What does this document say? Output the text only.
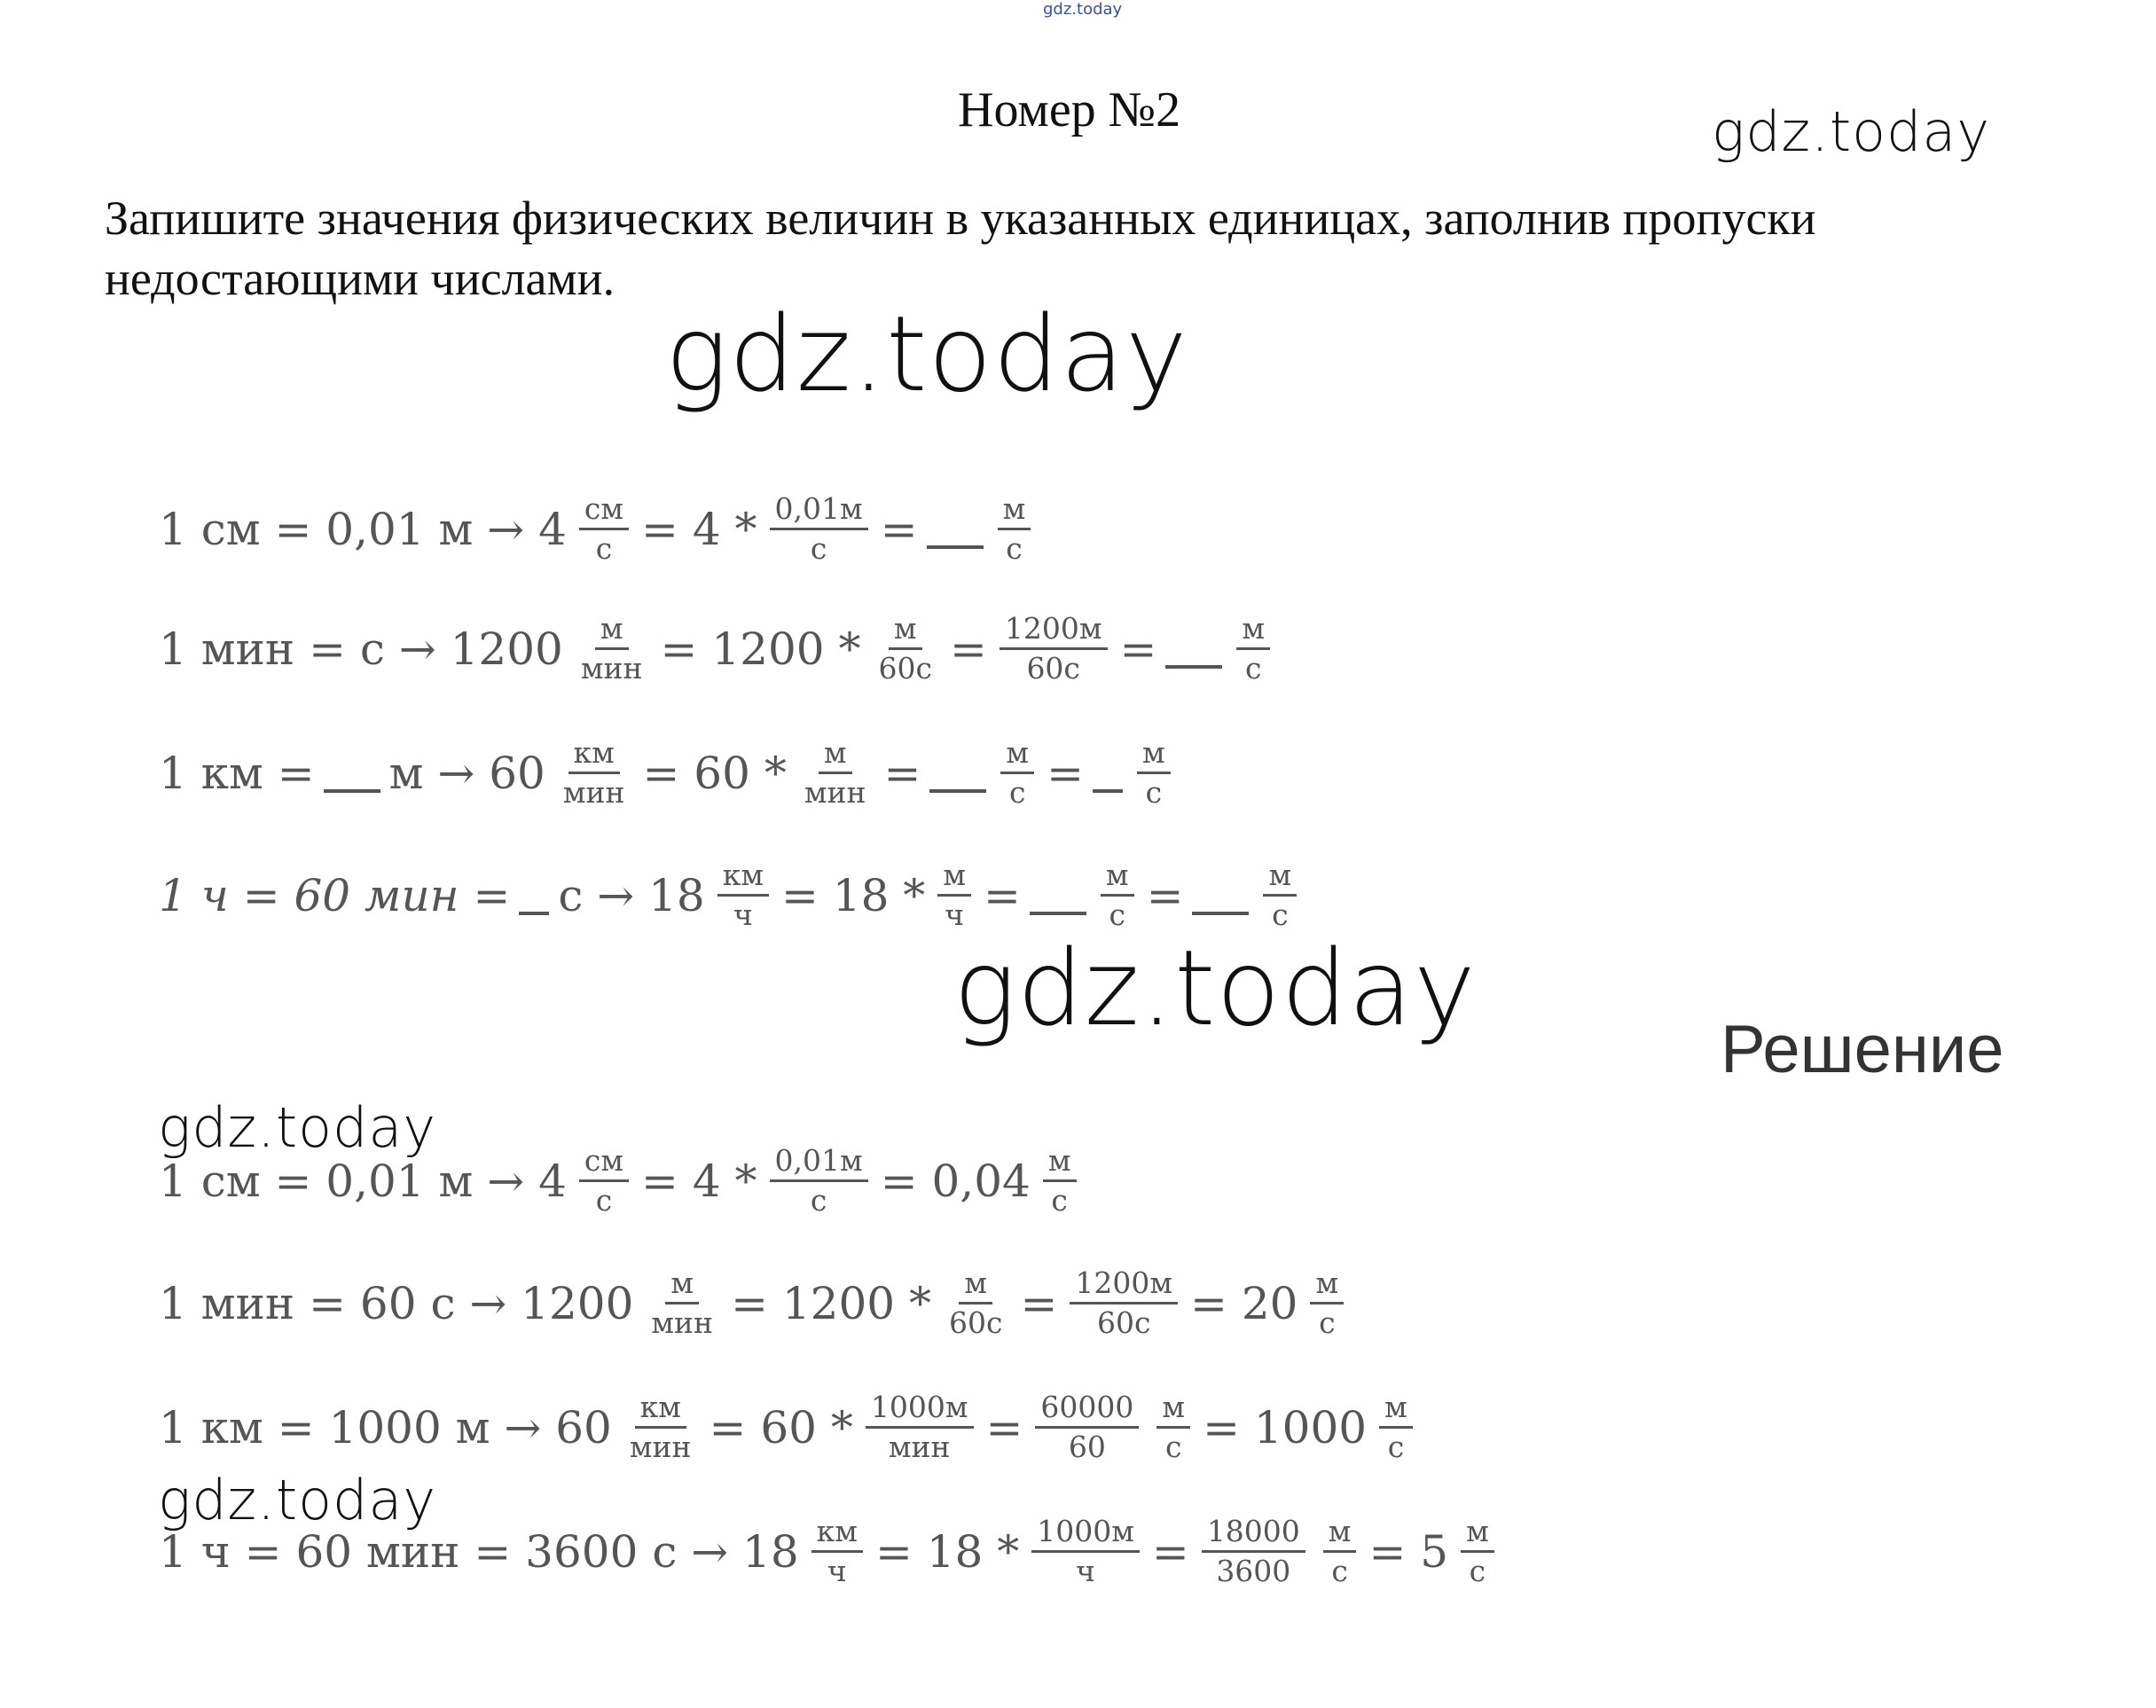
gdz.today
Номер №2	gdz.today
Запишите значения физических величин в указанных единицах, заполнив пропуски недостающими числами.
gdz.today
1 см = 0,01 $м \to 4 \frac{см}{с} = 4 * \frac{0,01м}{с}$ =	$\frac{м}{с}$
1 мин = $с \to 1200 \frac{м}{\text{мин}} = 1200 * \frac{м}{60с} = \frac{1200м}{60с}$ =	$\frac{м}{с}$
1 км = $м \to 60 \frac{км}{\text{мин}} = 60 * \frac{м}{\text{мин}}$ =	$\frac{м}{с} = \frac{м}{с}$
1 ч = 60 мин = $с \to 18 \frac{км}{ч} = 18 * \frac{м}{ч}$ =	$\frac{м}{с}$ =	$\frac{м}{с}$
gdz.today
Решение
gdz.today
1 см = 0,01 $м \to 4 \frac{см}{с} = 4 * \frac{0,01м}{с} = 0,04 \frac{м}{с}$
1 мин = 60 $с \to 1200 \frac{м}{\text{мин}} = 1200 * \frac{м}{60с} = \frac{1200м}{60с} = 20 \frac{м}{с}$
1 км = 1000 $м \to 60 \frac{км}{\text{мин}} = 60 * \frac{1000м}{\text{мин}} = \frac{60000}{60} \frac{м}{с} = 1000 \frac{м}{с}$
gdz.today
1 ч = 60 мин = 3600 $с \to 18 \frac{км}{ч} = 18 * \frac{1000м}{ч} = \frac{18000}{3600} \frac{м}{с} = 5 \frac{м}{с}$
